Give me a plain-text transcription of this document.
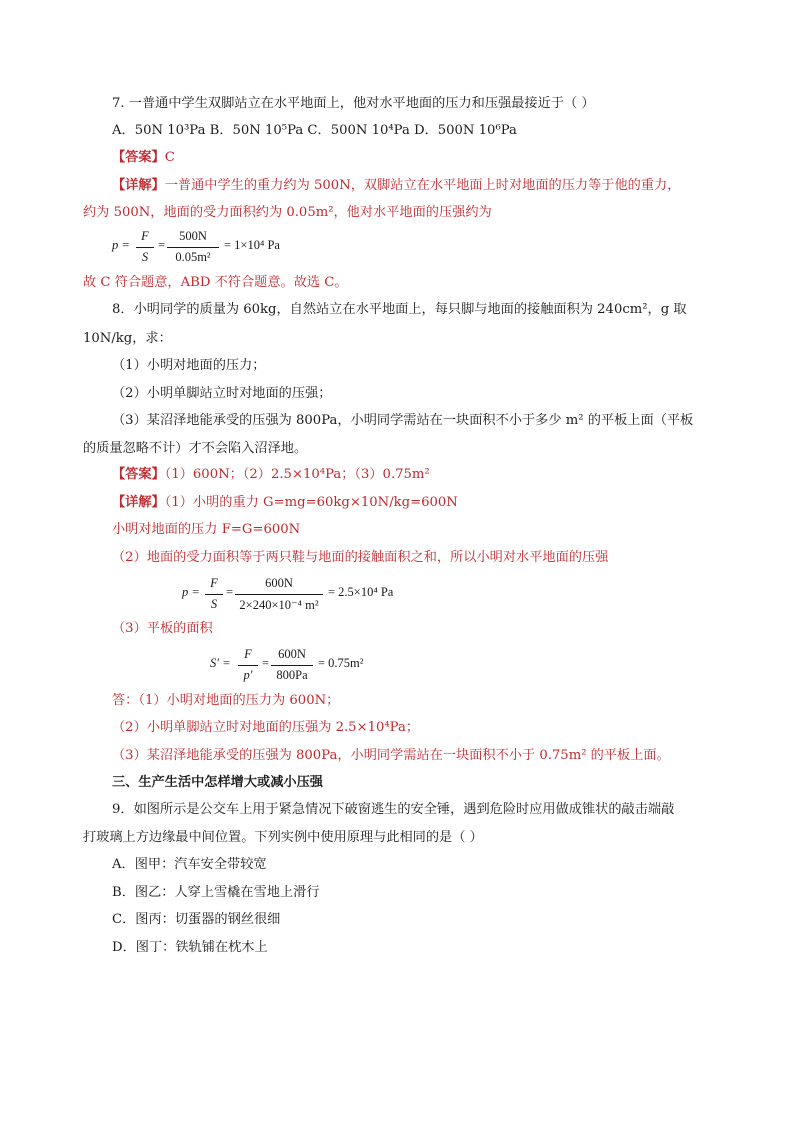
7. 一普通中学生双脚站立在水平地面上，他对水平地面的压力和压强最接近于（ ）
A．50N 10³Pa B．50N 10⁵Pa C．500N 10⁴Pa D．500N 10⁶Pa
【答案】C
【详解】一普通中学生的重力约为 500N，双脚站立在水平地面上时对地面的压力等于他的重力，
约为 500N，地面的受力面积约为 0.05m²，他对水平地面的压强约为
p =
F
S
=
500N
0.05m²
= 1×10⁴ Pa
故 C 符合题意，ABD 不符合题意。故选 C。
8．小明同学的质量为 60kg，自然站立在水平地面上，每只脚与地面的接触面积为 240cm²，g 取
10N/kg，求：
（1）小明对地面的压力；
（2）小明单脚站立时对地面的压强；
（3）某沼泽地能承受的压强为 800Pa，小明同学需站在一块面积不小于多少 m² 的平板上面（平板
的质量忽略不计）才不会陷入沼泽地。
【答案】（1）600N；（2）2.5×10⁴Pa；（3）0.75m²
【详解】（1）小明的重力 G=mg=60kg×10N/kg=600N
小明对地面的压力 F=G=600N
（2）地面的受力面积等于两只鞋与地面的接触面积之和，所以小明对水平地面的压强
p =
F
S
=
600N
2×240×10⁻⁴ m²
= 2.5×10⁴ Pa
（3）平板的面积
S′ =
F
p′
=
600N
800Pa
= 0.75m²
答：（1）小明对地面的压力为 600N；
（2）小明单脚站立时对地面的压强为 2.5×10⁴Pa；
（3）某沼泽地能承受的压强为 800Pa，小明同学需站在一块面积不小于 0.75m² 的平板上面。
三、生产生活中怎样增大或减小压强
9．如图所示是公交车上用于紧急情况下破窗逃生的安全锤，遇到危险时应用做成锥状的敲击端敲
打玻璃上方边缘最中间位置。下列实例中使用原理与此相同的是（ ）
A．图甲：汽车安全带较宽
B．图乙：人穿上雪橇在雪地上滑行
C．图丙：切蛋器的钢丝很细
D．图丁：铁轨铺在枕木上
